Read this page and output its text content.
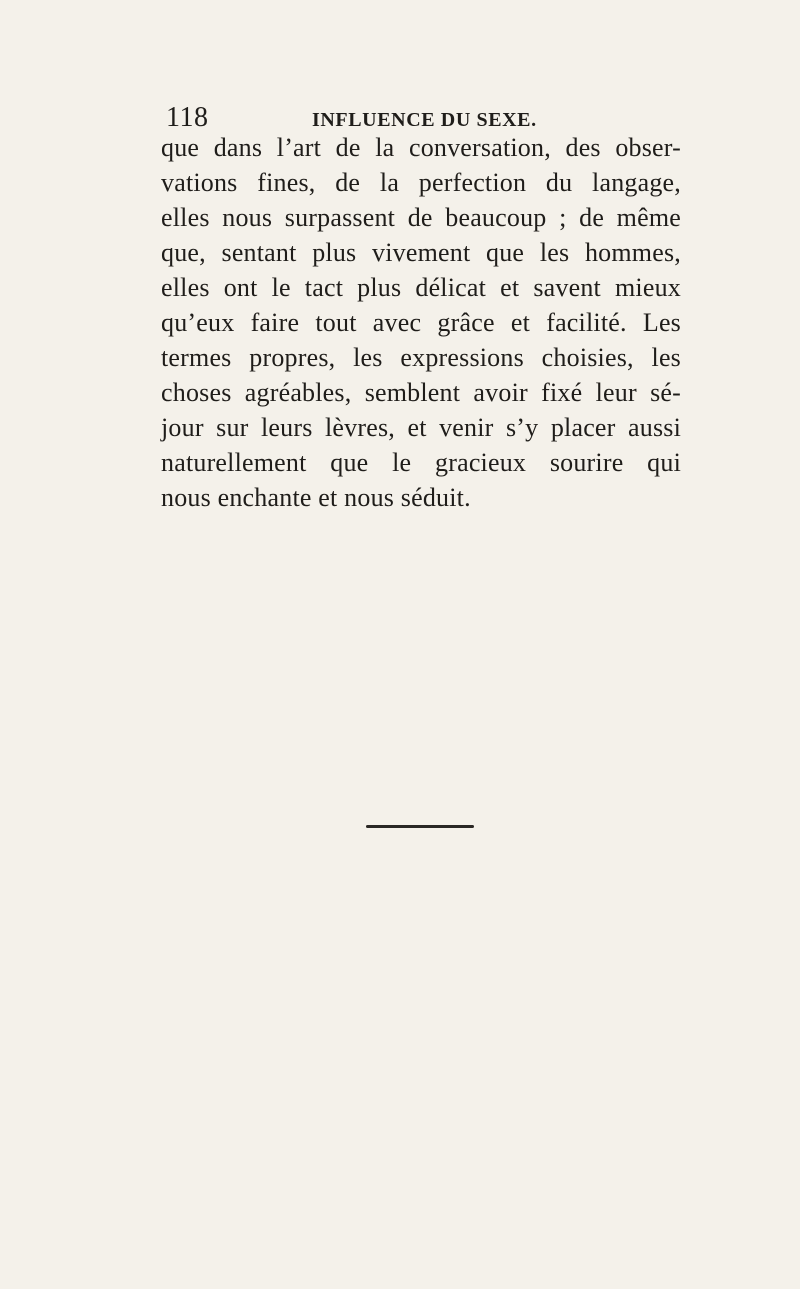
118	INFLUENCE DU SEXE.
que dans l’art de la conversation, des obser-
vations fines, de la perfection du langage,
elles nous surpassent de beaucoup ; de même
que, sentant plus vivement que les hommes,
elles ont le tact plus délicat et savent mieux
qu’eux faire tout avec grâce et facilité. Les
termes propres, les expressions choisies, les
choses agréables, semblent avoir fixé leur sé-
jour sur leurs lèvres, et venir s’y placer aussi
naturellement que le gracieux sourire qui
nous enchante et nous séduit.
